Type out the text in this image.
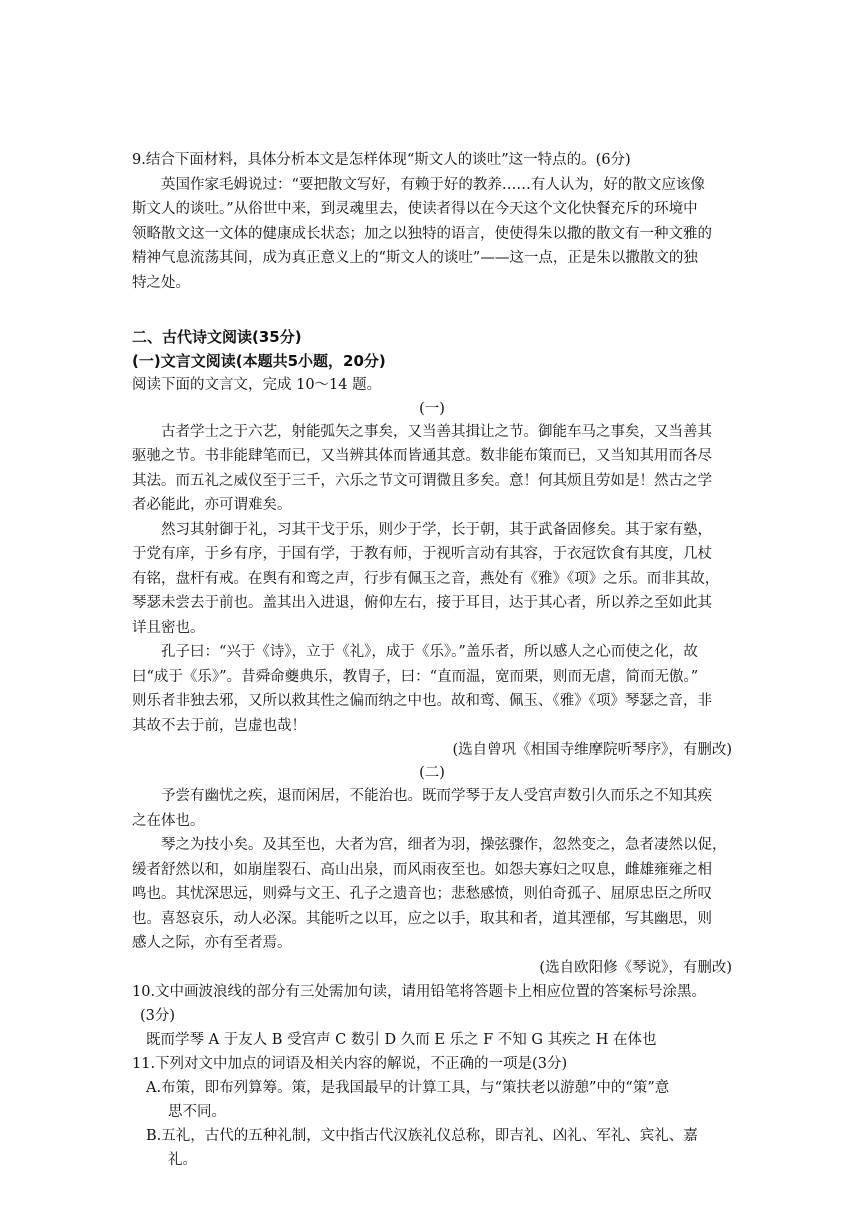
9.结合下面材料，具体分析本文是怎样体现“斯文人的谈吐”这一特点的。(6分)
英国作家毛姆说过：“要把散文写好，有赖于好的教养……有人认为，好的散文应该像
斯文人的谈吐。”从俗世中来，到灵魂里去，使读者得以在今天这个文化快餐充斥的环境中
领略散文这一文体的健康成长状态；加之以独特的语言，使使得朱以撒的散文有一种文雅的
精神气息流荡其间，成为真正意义上的“斯文人的谈吐”——这一点，正是朱以撒散文的独
特之处。
二、古代诗文阅读(35分)
(一)文言文阅读(本题共5小题，20分)
阅读下面的文言文，完成 10～14 题。
(一)
古者学士之于六艺，射能弧矢之事矣，又当善其揖让之节。御能车马之事矣，又当善其
驱驰之节。书非能肆笔而已，又当辨其体而皆通其意。数非能布策而已，又当知其用而各尽
其法。而五礼之威仪至于三千，六乐之节文可谓微且多矣。意！何其烦且劳如是！然古之学
者必能此，亦可谓难矣。
然习其射御于礼，习其干戈于乐，则少于学，长于朝，其于武备固修矣。其于家有塾，
于党有庠，于乡有序，于国有学，于教有师，于视听言动有其容，于衣冠饮食有其度，几杖
有铭，盘杆有戒。在舆有和鸾之声，行步有佩玉之音，燕处有《雅》《项》之乐。而非其故，
琴瑟未尝去于前也。盖其出入进退，俯仰左右，接于耳目，达于其心者，所以养之至如此其
详且密也。
孔子曰：“兴于《诗》，立于《礼》，成于《乐》。”盖乐者，所以感人之心而使之化，故
曰“成于《乐》”。昔舜命夔典乐，教胄子，曰：“直而温，宽而栗，则而无虐，简而无傲。”
则乐者非独去邪，又所以救其性之偏而纳之中也。故和鸾、佩玉、《雅》《项》琴瑟之音，非
其故不去于前，岂虚也哉！
(选自曾巩《相国寺维摩院听琴序》，有删改)
(二)
予尝有幽忧之疾，退而闲居，不能治也。既而学琴于友人受宫声数引久而乐之不知其疾
之在体也。
琴之为技小矣。及其至也，大者为宫，细者为羽，操弦骤作，忽然变之，急者凄然以促，
缓者舒然以和，如崩崖裂石、高山出泉，而风雨夜至也。如怨夫寡妇之叹息，雌雄雍雍之相
鸣也。其忧深思远，则舜与文王、孔子之遗音也；悲愁感愤，则伯奇孤子、屈原忠臣之所叹
也。喜怒哀乐，动人必深。其能听之以耳，应之以手，取其和者，道其湮郁，写其幽思，则
感人之际，亦有至者焉。
(选自欧阳修《琴说》，有删改)
10.文中画波浪线的部分有三处需加句读，请用铅笔将答题卡上相应位置的答案标号涂黑。
(3分)
既而学琴 A 于友人 B 受宫声 C 数引 D 久而 E 乐之 F 不知 G 其疾之 H 在体也
11.下列对文中加点的词语及相关内容的解说，不正确的一项是(3分)
A.布策，即布列算筹。策，是我国最早的计算工具，与“策扶老以游憩”中的“策”意
思不同。
B.五礼，古代的五种礼制，文中指古代汉族礼仪总称，即吉礼、凶礼、军礼、宾礼、嘉
礼。
